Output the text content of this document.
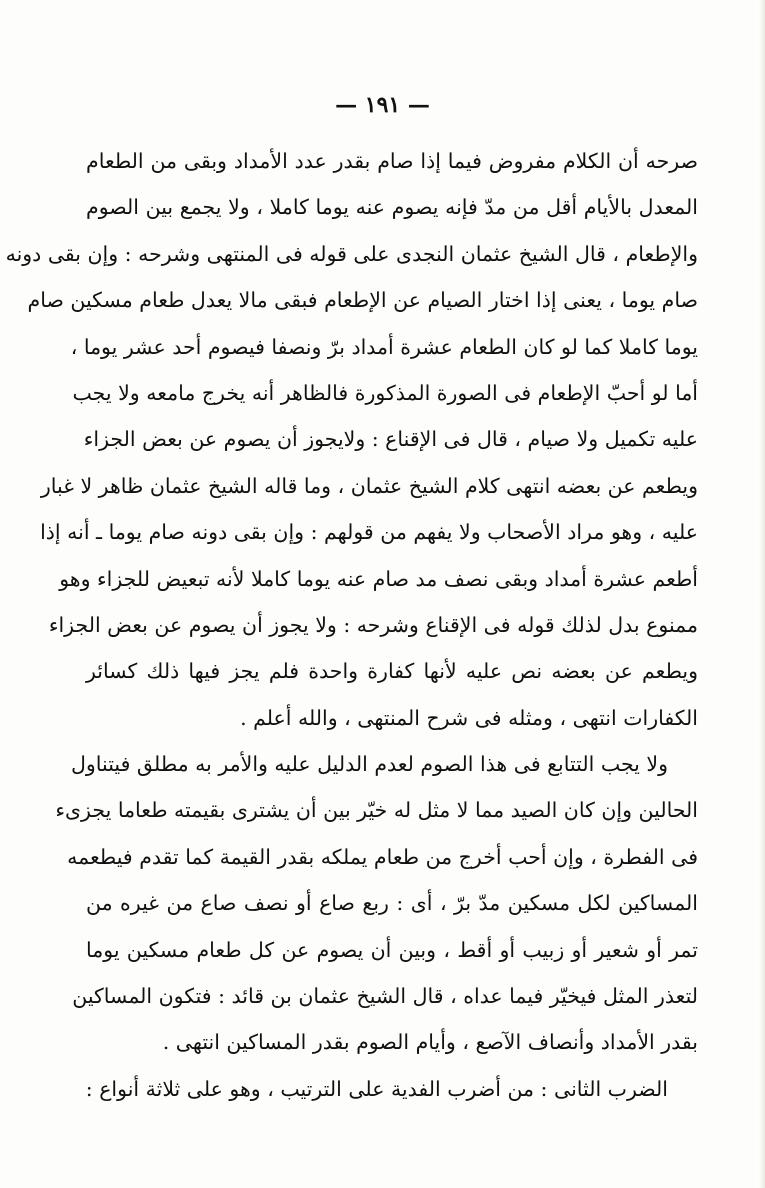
— ١٩١ —
صرحه أن الكلام مفروض فيما إذا صام بقدر عدد الأمداد وبقى من الطعام
المعدل بالأيام أقل من مدّ فإنه يصوم عنه يوما كاملا ، ولا يجمع بين الصوم
والإطعام ، قال الشيخ عثمان النجدى على قوله فى المنتهى وشرحه : وإن بقى دونه
صام يوما ، يعنى إذا اختار الصيام عن الإطعام فبقى مالا يعدل طعام مسكين صام
يوما كاملا كما لو كان الطعام عشرة أمداد برّ ونصفا فيصوم أحد عشر يوما ،
أما لو أحبّ الإطعام فى الصورة المذكورة فالظاهر أنه يخرج مامعه ولا يجب
عليه تكميل ولا صيام ، قال فى الإقناع : ولايجوز أن يصوم عن بعض الجزاء
ويطعم عن بعضه انتهى كلام الشيخ عثمان ، وما قاله الشيخ عثمان ظاهر لا غبار
عليه ، وهو مراد الأصحاب ولا يفهم من قولهم : وإن بقى دونه صام يوما ـ أنه إذا
أطعم عشرة أمداد وبقى نصف مد صام عنه يوما كاملا لأنه تبعيض للجزاء وهو
ممنوع بدل لذلك قوله فى الإقناع وشرحه : ولا يجوز أن يصوم عن بعض الجزاء
ويطعم عن بعضه نص عليه لأنها كفارة واحدة فلم يجز فيها ذلك كسائر
الكفارات انتهى ، ومثله فى شرح المنتهى ، والله أعلم .
ولا يجب التتابع فى هذا الصوم لعدم الدليل عليه والأمر به مطلق فيتناول
الحالين وإن كان الصيد مما لا مثل له خيّر بين أن يشترى بقيمته طعاما يجزىء
فى الفطرة ، وإن أحب أخرج من طعام يملكه بقدر القيمة كما تقدم فيطعمه
المساكين لكل مسكين مدّ برّ ، أى : ربع صاع أو نصف صاع من غيره من
تمر أو شعير أو زبيب أو أقط ، وبين أن يصوم عن كل طعام مسكين يوما
لتعذر المثل فيخيّر فيما عداه ، قال الشيخ عثمان بن قائد : فتكون المساكين
بقدر الأمداد وأنصاف الآصع ، وأيام الصوم بقدر المساكين انتهى .
الضرب الثانى : من أضرب الفدية على الترتيب ، وهو على ثلاثة أنواع :
